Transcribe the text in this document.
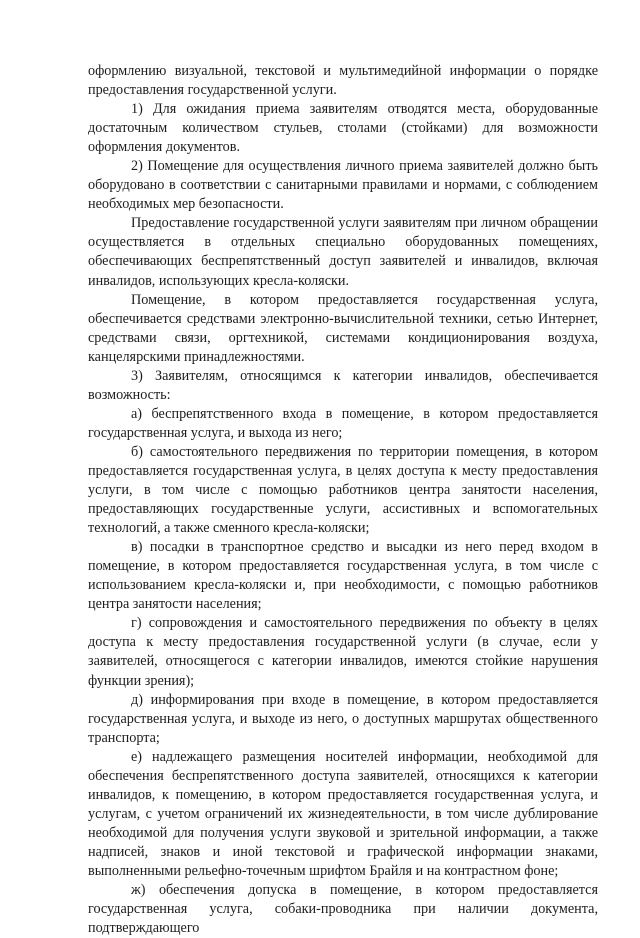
оформлению визуальной, текстовой и мультимедийной информации о порядке предоставления государственной услуги.

1) Для ожидания приема заявителям отводятся места, оборудованные достаточным количеством стульев, столами (стойками) для возможности оформления документов.

2) Помещение для осуществления личного приема заявителей должно быть оборудовано в соответствии с санитарными правилами и нормами, с соблюдением необходимых мер безопасности.

Предоставление государственной услуги заявителям при личном обращении осуществляется в отдельных специально оборудованных помещениях, обеспечивающих беспрепятственный доступ заявителей и инвалидов, включая инвалидов, использующих кресла-коляски.

Помещение, в котором предоставляется государственная услуга, обеспечивается средствами электронно-вычислительной техники, сетью Интернет, средствами связи, оргтехникой, системами кондиционирования воздуха, канцелярскими принадлежностями.

3) Заявителям, относящимся к категории инвалидов, обеспечивается возможность:

а) беспрепятственного входа в помещение, в котором предоставляется государственная услуга, и выхода из него;

б) самостоятельного передвижения по территории помещения, в котором предоставляется государственная услуга, в целях доступа к месту предоставления услуги, в том числе с помощью работников центра занятости населения, предоставляющих государственные услуги, ассистивных и вспомогательных технологий, а также сменного кресла-коляски;

в) посадки в транспортное средство и высадки из него перед входом в помещение, в котором предоставляется государственная услуга, в том числе с использованием кресла-коляски и, при необходимости, с помощью работников центра занятости населения;

г) сопровождения и самостоятельного передвижения по объекту в целях доступа к месту предоставления государственной услуги (в случае, если у заявителей, относящегося с категории инвалидов, имеются стойкие нарушения функции зрения);

д) информирования при входе в помещение, в котором предоставляется государственная услуга, и выходе из него, о доступных маршрутах общественного транспорта;

е) надлежащего размещения носителей информации, необходимой для обеспечения беспрепятственного доступа заявителей, относящихся к категории инвалидов, к помещению, в котором предоставляется государственная услуга, и услугам, с учетом ограничений их жизнедеятельности, в том числе дублирование необходимой для получения услуги звуковой и зрительной информации, а также надписей, знаков и иной текстовой и графической информации знаками, выполненными рельефно-точечным шрифтом Брайля и на контрастном фоне;

ж) обеспечения допуска в помещение, в котором предоставляется государственная услуга, собаки-проводника при наличии документа, подтверждающего
